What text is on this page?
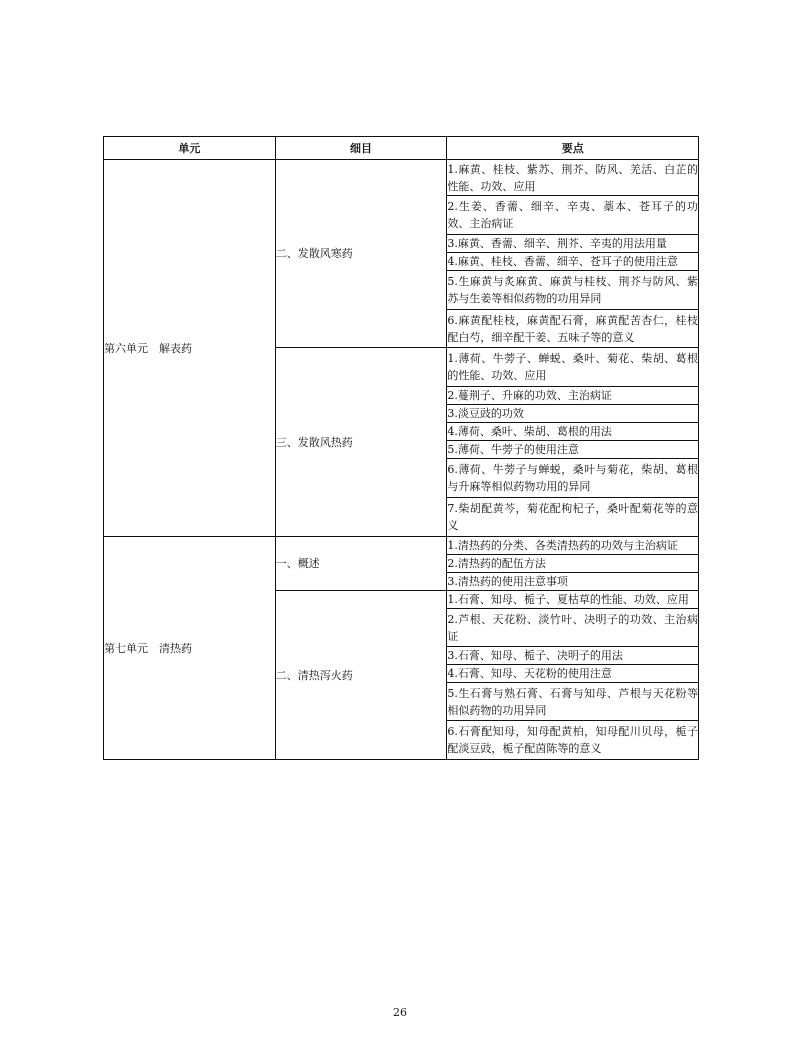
单元	细目	要点
第六单元　解表药	二、发散风寒药	1.麻黄、桂枝、紫苏、荆芥、防风、羌活、白芷的性能、功效、应用
		2.生姜、香薷、细辛、辛夷、藁本、苍耳子的功效、主治病证
		3.麻黄、香薷、细辛、荆芥、辛夷的用法用量
		4.麻黄、桂枝、香薷、细辛、苍耳子的使用注意
		5.生麻黄与炙麻黄、麻黄与桂枝、荆芥与防风、紫苏与生姜等相似药物的功用异同
		6.麻黄配桂枝，麻黄配石膏，麻黄配苦杏仁，桂枝配白芍，细辛配干姜、五味子等的意义
	三、发散风热药	1.薄荷、牛蒡子、蝉蜕、桑叶、菊花、柴胡、葛根的性能、功效、应用
		2.蔓荆子、升麻的功效、主治病证
		3.淡豆豉的功效
		4.薄荷、桑叶、柴胡、葛根的用法
		5.薄荷、牛蒡子的使用注意
		6.薄荷、牛蒡子与蝉蜕，桑叶与菊花，柴胡、葛根与升麻等相似药物功用的异同
		7.柴胡配黄芩，菊花配枸杞子，桑叶配菊花等的意义
第七单元　清热药	一、概述	1.清热药的分类、各类清热药的功效与主治病证
		2.清热药的配伍方法
		3.清热药的使用注意事项
	二、清热泻火药	1.石膏、知母、栀子、夏枯草的性能、功效、应用
		2.芦根、天花粉、淡竹叶、决明子的功效、主治病证
		3.石膏、知母、栀子、决明子的用法
		4.石膏、知母、天花粉的使用注意
		5.生石膏与熟石膏、石膏与知母、芦根与天花粉等相似药物的功用异同
		6.石膏配知母，知母配黄柏，知母配川贝母，栀子配淡豆豉，栀子配茵陈等的意义
26
